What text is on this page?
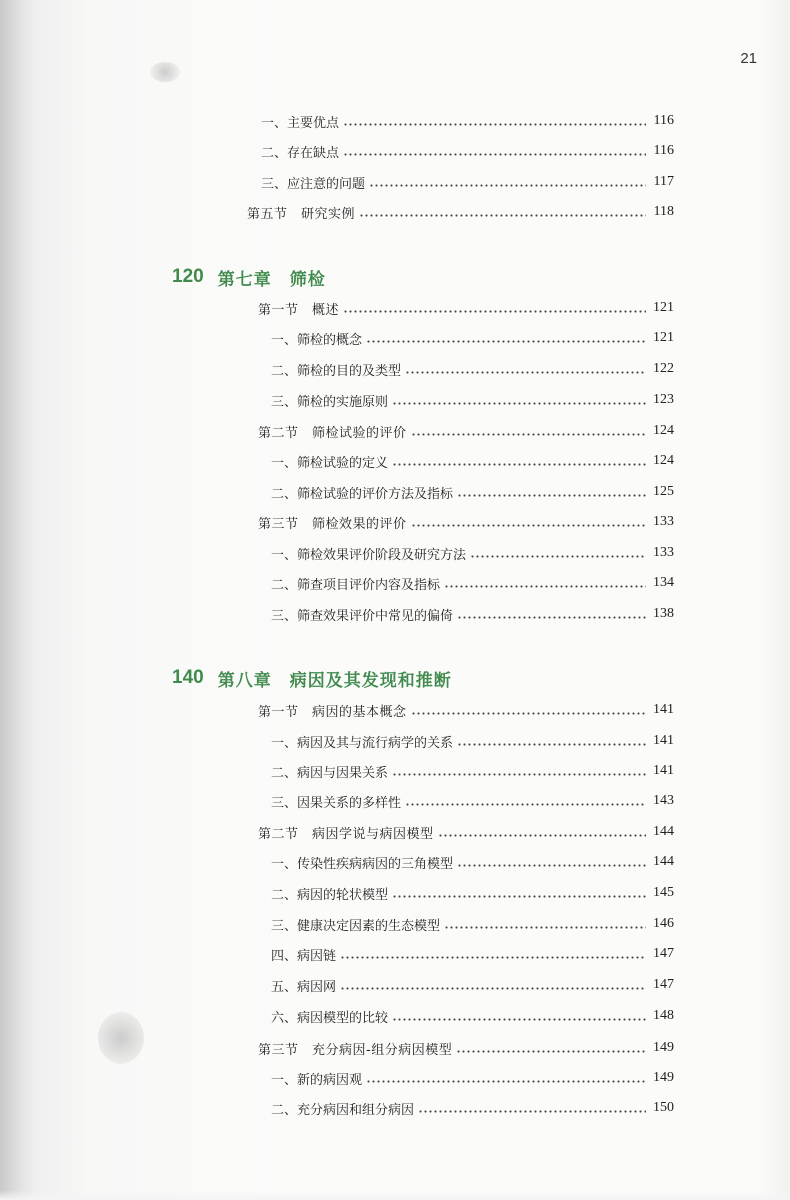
21
一、主要优点	116
二、存在缺点	116
三、应注意的问题	117
第五节　研究实例	118
120 第七章　筛检
第一节　概述	121
一、筛检的概念	121
二、筛检的目的及类型	122
三、筛检的实施原则	123
第二节　筛检试验的评价	124
一、筛检试验的定义	124
二、筛检试验的评价方法及指标	125
第三节　筛检效果的评价	133
一、筛检效果评价阶段及研究方法	133
二、筛查项目评价内容及指标	134
三、筛查效果评价中常见的偏倚	138
140 第八章　病因及其发现和推断
第一节　病因的基本概念	141
一、病因及其与流行病学的关系	141
二、病因与因果关系	141
三、因果关系的多样性	143
第二节　病因学说与病因模型	144
一、传染性疾病病因的三角模型	144
二、病因的轮状模型	145
三、健康决定因素的生态模型	146
四、病因链	147
五、病因网	147
六、病因模型的比较	148
第三节　充分病因-组分病因模型	149
一、新的病因观	149
二、充分病因和组分病因	150
